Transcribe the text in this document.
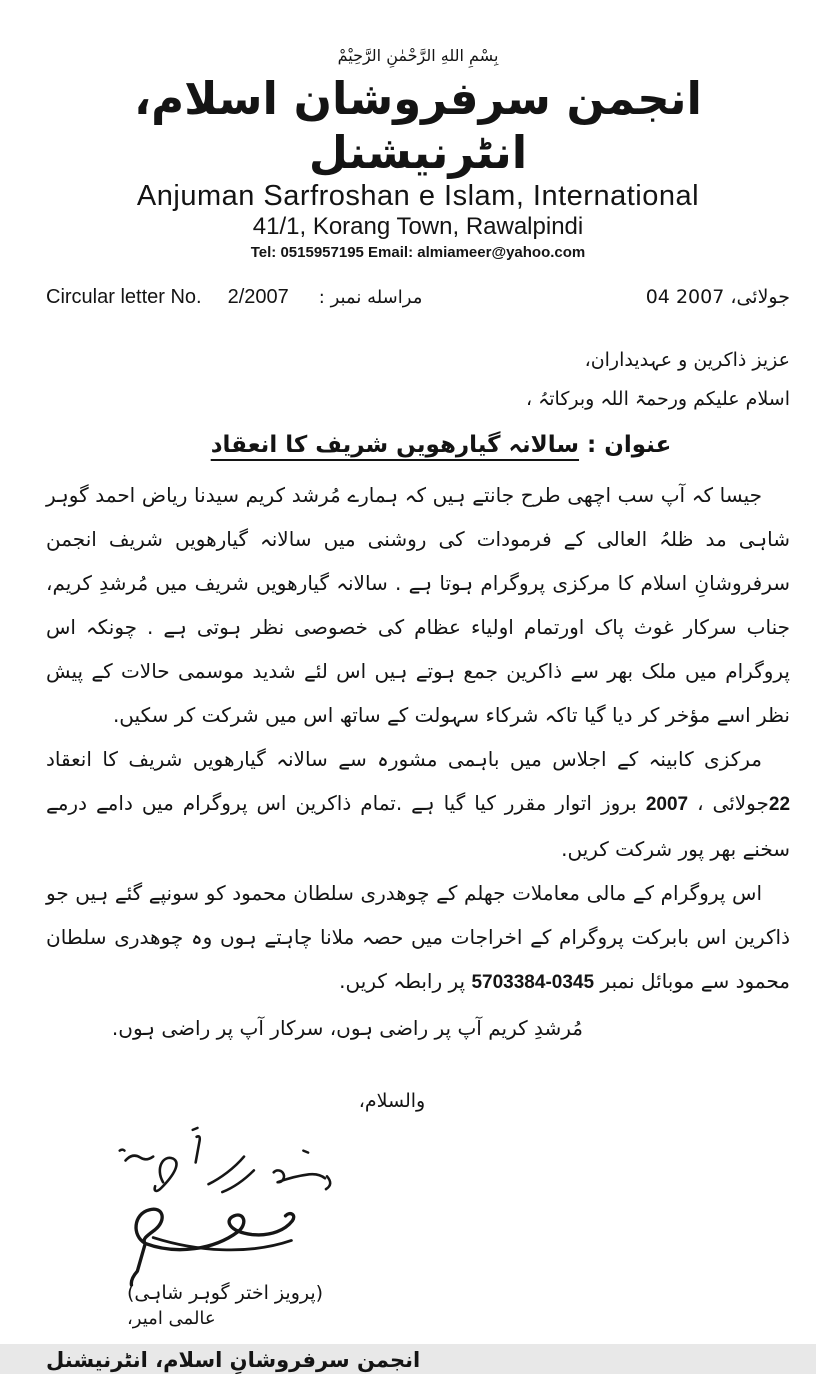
بِسْمِ اللهِ الرَّحْمٰنِ الرَّحِيْمْ
انجمن سرفروشان اسلام، انٹرنیشنل
Anjuman Sarfroshan e Islam, International
41/1, Korang Town, Rawalpindi
Tel: 0515957195 Email: almiameer@yahoo.com
Circular letter No. 2/2007 مراسله نمبر :	04 جولائی، 2007
عزیز ذاکرین و عہدیداران،
اسلام علیکم ورحمۃ اللہ وبرکاتہُ ،
عنوان : سالانہ گیارھویں شریف کا انعقاد

جیسا کہ آپ سب اچھی طرح جانتے ہیں کہ ہمارے مُرشد کریم سیدنا ریاض احمد گوہر شاہی مد ظلہُ العالی کے فرمودات کی روشنی میں سالانہ گیارھویں شریف انجمن سرفروشانِ اسلام کا مرکزی پروگرام ہوتا ہے . سالانہ گیارھویں شریف میں مُرشدِ کریم، جناب سرکار غوث پاک اورتمام اولیاء عظام کی خصوصی نظر ہوتی ہے . چونکہ اس پروگرام میں ملک بھر سے ذاکرین جمع ہوتے ہیں اس لئے شدید موسمی حالات کے پیش نظر اسے مؤخر کر دیا گیا تاکہ شرکاء سہولت کے ساتھ اس میں شرکت کر سکیں.

مرکزی کابینہ کے اجلاس میں باہمی مشورہ سے سالانہ گیارھویں شریف کا انعقاد 22جولائی ، 2007 بروز اتوار مقرر کیا گیا ہے .تمام ذاکرین اس پروگرام میں دامے درمے سخنے بھر پور شرکت کریں.

اس پروگرام کے مالی معاملات جھلم کے چوھدری سلطان محمود کو سونپے گئے ہیں جو ذاکرین اس بابرکت پروگرام کے اخراجات میں حصہ ملانا چاہتے ہوں وہ چوھدری سلطان محمود سے موبائل نمبر 0345-5703384 پر رابطہ کریں.

مُرشدِ کریم آپ پر راضی ہوں، سرکار آپ پر راضی ہوں.
والسلام،
(پرویز اختر گوہر شاہی)
عالمی امیر،
انجمن سرفروشانِ اسلام، انٹرنیشنل
